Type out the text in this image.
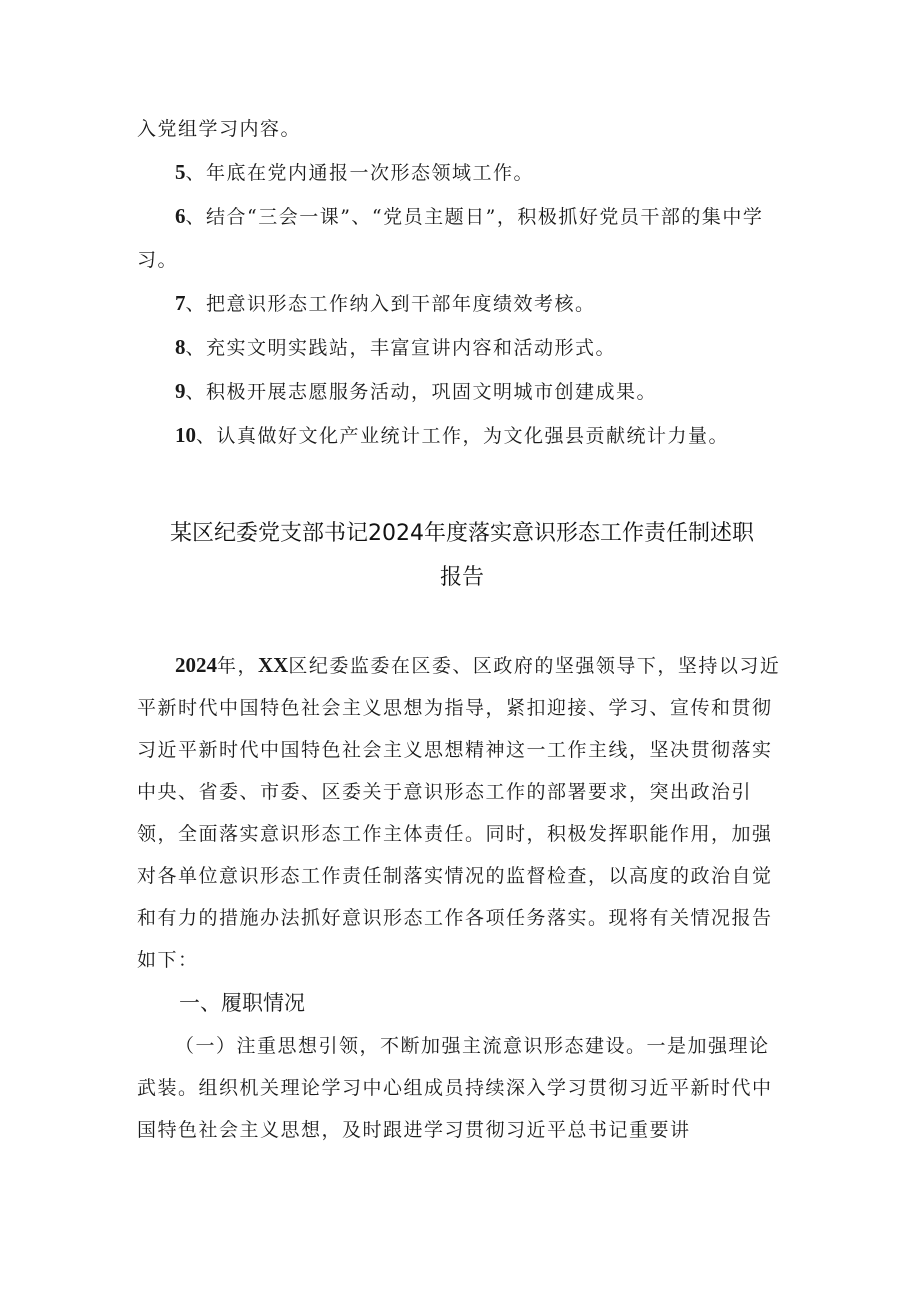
入党组学习内容。

5、年底在党内通报一次形态领域工作。

6、结合“三会一课”、“党员主题日”，积极抓好党员干部的集中学习。

7、把意识形态工作纳入到干部年度绩效考核。

8、充实文明实践站，丰富宣讲内容和活动形式。

9、积极开展志愿服务活动，巩固文明城市创建成果。

10、认真做好文化产业统计工作，为文化强县贡献统计力量。

某区纪委党支部书记2024年度落实意识形态工作责任制述职
报告

2024年，XX区纪委监委在区委、区政府的坚强领导下，坚持以习近平新时代中国特色社会主义思想为指导，紧扣迎接、学习、宣传和贯彻习近平新时代中国特色社会主义思想精神这一工作主线，坚决贯彻落实中央、省委、市委、区委关于意识形态工作的部署要求，突出政治引领，全面落实意识形态工作主体责任。同时，积极发挥职能作用，加强对各单位意识形态工作责任制落实情况的监督检查，以高度的政治自觉和有力的措施办法抓好意识形态工作各项任务落实。现将有关情况报告如下：

一、履职情况

（一）注重思想引领，不断加强主流意识形态建设。一是加强理论武装。组织机关理论学习中心组成员持续深入学习贯彻习近平新时代中国特色社会主义思想，及时跟进学习贯彻习近平总书记重要讲
